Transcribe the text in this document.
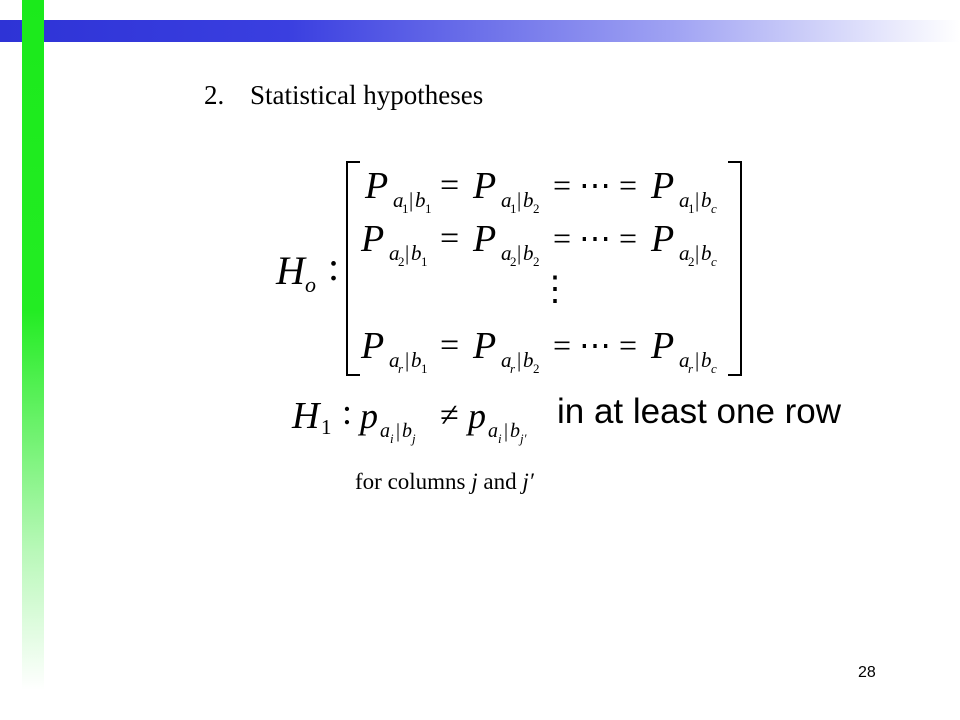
2. Statistical hypotheses
H o :
P a
1 | b 1
= P a
1 | b 2
= ⋯ = P a
1 | b c
P a
2 | b 1
= P a
2 | b 2
= ⋯ = P a
2 | b c
⋮
P a
r | b 1
= P a
r | b 2
= ⋯ = P a
r | b c
H 1 : p a i | b j
≠ p a i | b j′
in at least one row
for columns j and j′
28
